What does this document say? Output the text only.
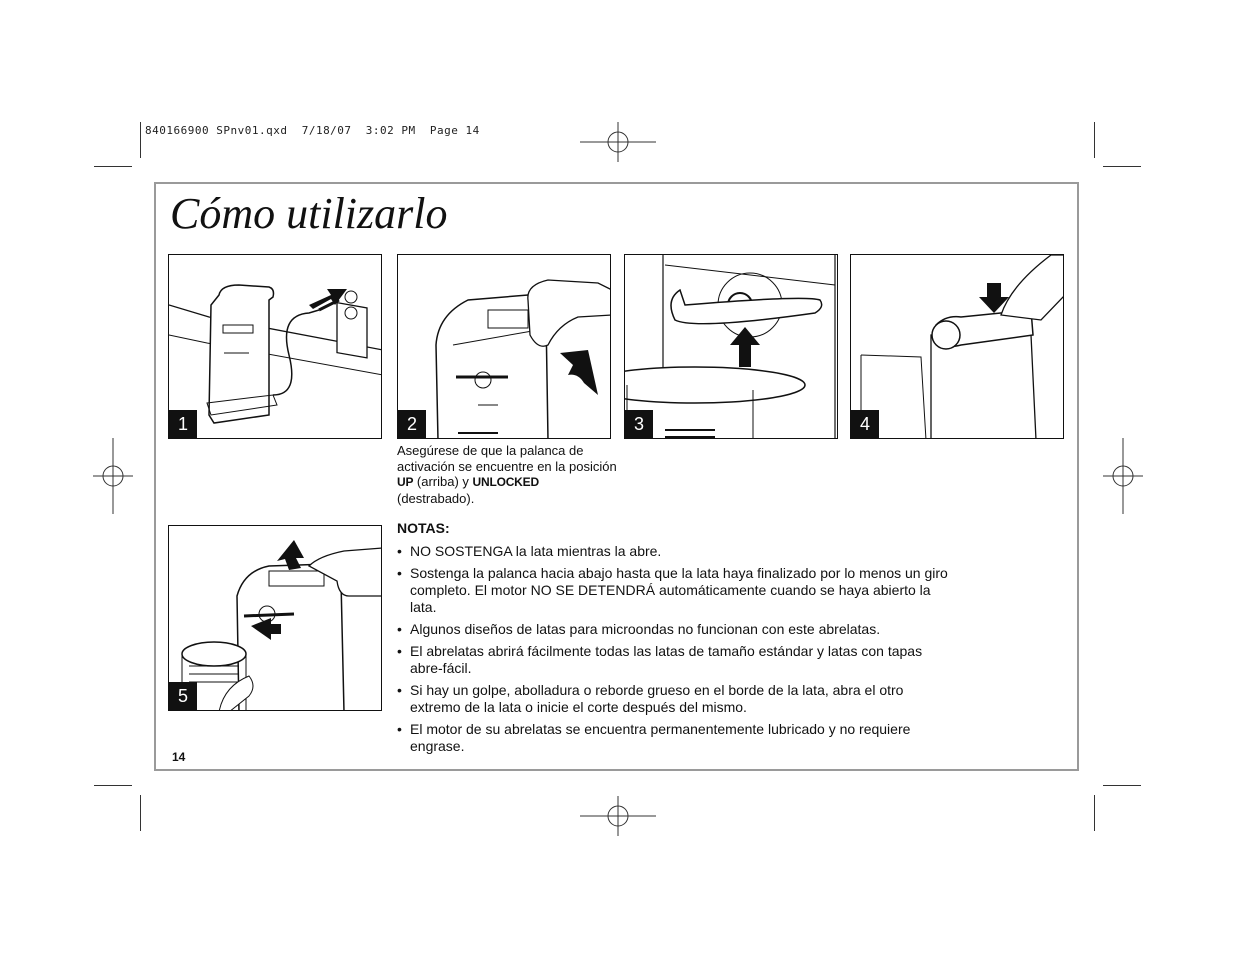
840166900 SPnv01.qxd  7/18/07  3:02 PM  Page 14
Cómo utilizarlo
1	2	3	4
5
Asegúrese de que la palanca de activación se encuentre en la posición UP (arriba) y UNLOCKED (destrabado).
NOTAS:
• NO SOSTENGA la lata mientras la abre.
• Sostenga la palanca hacia abajo hasta que la lata haya finalizado por lo menos un giro completo. El motor NO SE DETENDRÁ automáticamente cuando se haya abierto la lata.
• Algunos diseños de latas para microondas no funcionan con este abrelatas.
• El abrelatas abrirá fácilmente todas las latas de tamaño estándar y latas con tapas abre-fácil.
• Si hay un golpe, abolladura o reborde grueso en el borde de la lata, abra el otro extremo de la lata o inicie el corte después del mismo.
• El motor de su abrelatas se encuentra permanentemente lubricado y no requiere engrase.
14
